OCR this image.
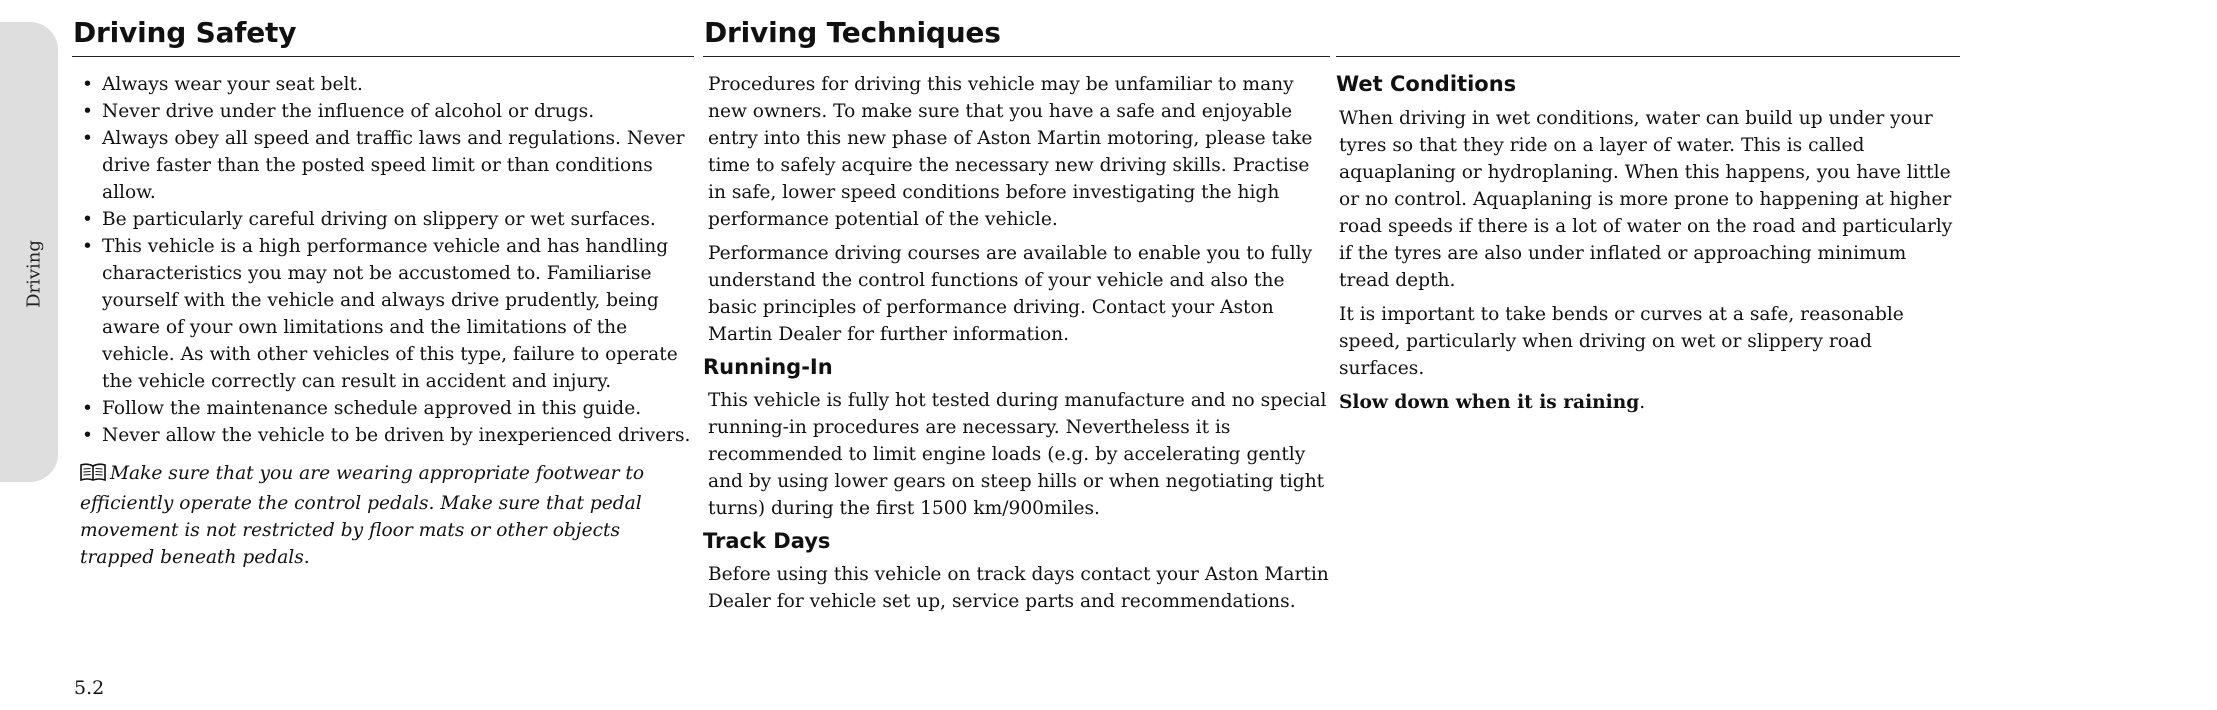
Driving
Driving Safety
• Always wear your seat belt.
• Never drive under the influence of alcohol or drugs.
• Always obey all speed and traffic laws and regulations. Never drive faster than the posted speed limit or than conditions allow.
• Be particularly careful driving on slippery or wet surfaces.
• This vehicle is a high performance vehicle and has handling characteristics you may not be accustomed to. Familiarise yourself with the vehicle and always drive prudently, being aware of your own limitations and the limitations of the vehicle. As with other vehicles of this type, failure to operate the vehicle correctly can result in accident and injury.
• Follow the maintenance schedule approved in this guide.
• Never allow the vehicle to be driven by inexperienced drivers.

Make sure that you are wearing appropriate footwear to efficiently operate the control pedals. Make sure that pedal movement is not restricted by floor mats or other objects trapped beneath pedals.

Driving Techniques

Procedures for driving this vehicle may be unfamiliar to many new owners. To make sure that you have a safe and enjoyable entry into this new phase of Aston Martin motoring, please take time to safely acquire the necessary new driving skills. Practise in safe, lower speed conditions before investigating the high performance potential of the vehicle.

Performance driving courses are available to enable you to fully understand the control functions of your vehicle and also the basic principles of performance driving. Contact your Aston Martin Dealer for further information.

Running-In

This vehicle is fully hot tested during manufacture and no special running-in procedures are necessary. Nevertheless it is recommended to limit engine loads (e.g. by accelerating gently and by using lower gears on steep hills or when negotiating tight turns) during the first 1500 km/900miles.

Track Days

Before using this vehicle on track days contact your Aston Martin Dealer for vehicle set up, service parts and recommendations.

Wet Conditions

When driving in wet conditions, water can build up under your tyres so that they ride on a layer of water. This is called aquaplaning or hydroplaning. When this happens, you have little or no control. Aquaplaning is more prone to happening at higher road speeds if there is a lot of water on the road and particularly if the tyres are also under inflated or approaching minimum tread depth.

It is important to take bends or curves at a safe, reasonable speed, particularly when driving on wet or slippery road surfaces.

Slow down when it is raining.

5.2
